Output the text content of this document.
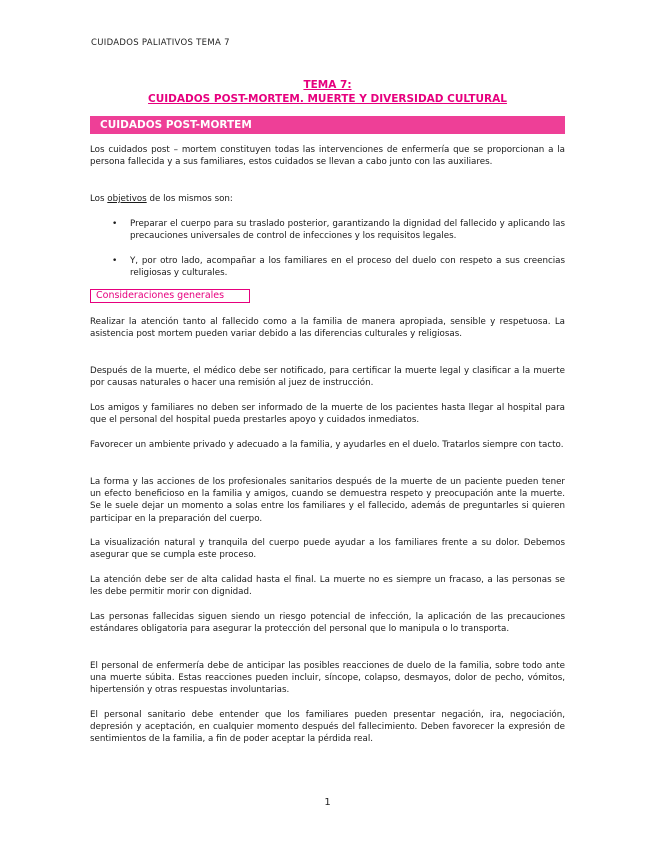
CUIDADOS PALIATIVOS TEMA 7
TEMA 7:
CUIDADOS POST-MORTEM. MUERTE Y DIVERSIDAD CULTURAL
CUIDADOS POST-MORTEM

Los cuidados post – mortem constituyen todas las intervenciones de enfermería que se proporcionan a la persona fallecida y a sus familiares, estos cuidados se llevan a cabo junto con las auxiliares.

Los objetivos de los mismos son:

• Preparar el cuerpo para su traslado posterior, garantizando la dignidad del fallecido y aplicando las precauciones universales de control de infecciones y los requisitos legales.
• Y, por otro lado, acompañar a los familiares en el proceso del duelo con respeto a sus creencias religiosas y culturales.
Consideraciones generales

Realizar la atención tanto al fallecido como a la familia de manera apropiada, sensible y respetuosa. La asistencia post mortem pueden variar debido a las diferencias culturales y religiosas.

Después de la muerte, el médico debe ser notificado, para certificar la muerte legal y clasificar a la muerte por causas naturales o hacer una remisión al juez de instrucción.

Los amigos y familiares no deben ser informado de la muerte de los pacientes hasta llegar al hospital para que el personal del hospital pueda prestarles apoyo y cuidados inmediatos.

Favorecer un ambiente privado y adecuado a la familia, y ayudarles en el duelo. Tratarlos siempre con tacto.

La forma y las acciones de los profesionales sanitarios después de la muerte de un paciente pueden tener un efecto beneficioso en la familia y amigos, cuando se demuestra respeto y preocupación ante la muerte. Se le suele dejar un momento a solas entre los familiares y el fallecido, además de preguntarles si quieren participar en la preparación del cuerpo.

La visualización natural y tranquila del cuerpo puede ayudar a los familiares frente a su dolor. Debemos asegurar que se cumpla este proceso.

La atención debe ser de alta calidad hasta el final. La muerte no es siempre un fracaso, a las personas se les debe permitir morir con dignidad.

Las personas fallecidas siguen siendo un riesgo potencial de infección, la aplicación de las precauciones estándares obligatoria para asegurar la protección del personal que lo manipula o lo transporta.

El personal de enfermería debe de anticipar las posibles reacciones de duelo de la familia, sobre todo ante una muerte súbita. Estas reacciones pueden incluir, síncope, colapso, desmayos, dolor de pecho, vómitos, hipertensión y otras respuestas involuntarias.

El personal sanitario debe entender que los familiares pueden presentar negación, ira, negociación, depresión y aceptación, en cualquier momento después del fallecimiento. Deben favorecer la expresión de sentimientos de la familia, a fin de poder aceptar la pérdida real.

1
